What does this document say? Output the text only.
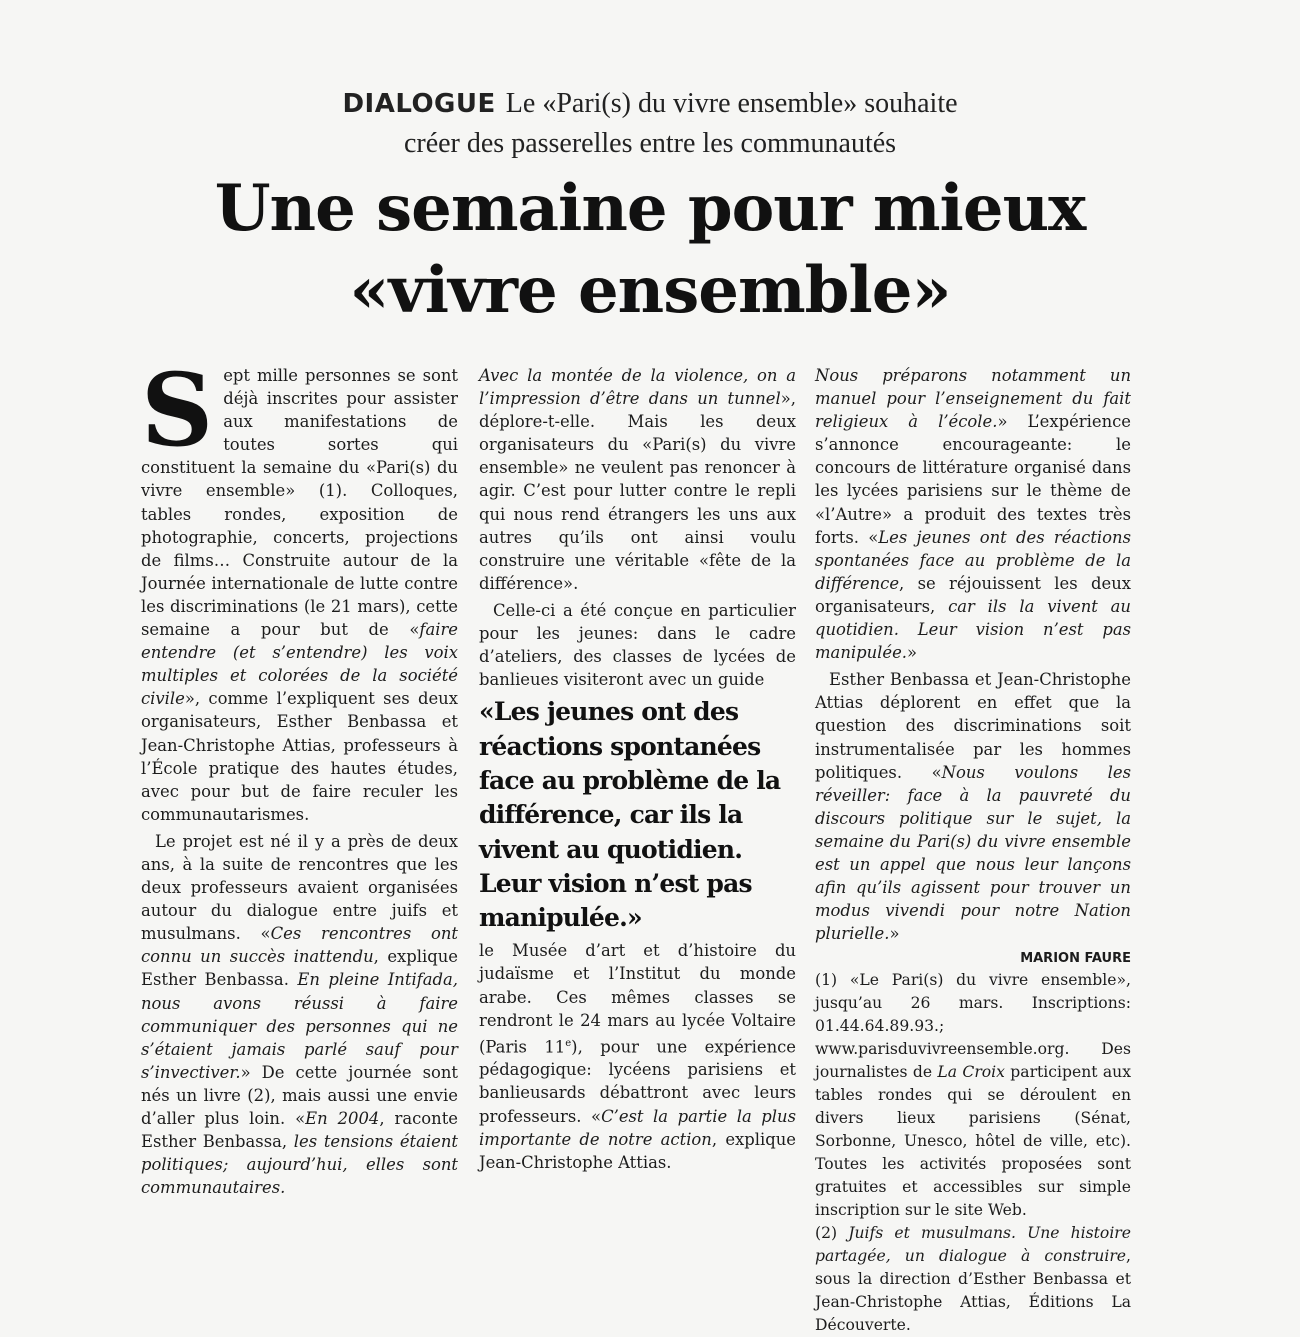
DIALOGUE Le «Pari(s) du vivre ensemble» souhaite
créer des passerelles entre les communautés
Une semaine pour mieux
«vivre ensemble»

Sept mille personnes se sont déjà inscrites pour assister aux manifestations de toutes sortes qui constituent la semaine du «Pari(s) du vivre ensemble» (1). Colloques, tables rondes, exposition de photographie, concerts, projections de films… Construite autour de la Journée internationale de lutte contre les discriminations (le 21 mars), cette semaine a pour but de «faire entendre (et s’entendre) les voix multiples et colorées de la société civile», comme l’expliquent ses deux organisateurs, Esther Benbassa et Jean-Christophe Attias, professeurs à l’École pratique des hautes études, avec pour but de faire reculer les communautarismes.

Le projet est né il y a près de deux ans, à la suite de rencontres que les deux professeurs avaient organisées autour du dialogue entre juifs et musulmans. «Ces rencontres ont connu un succès inattendu, explique Esther Benbassa. En pleine Intifada, nous avons réussi à faire communiquer des personnes qui ne s’étaient jamais parlé sauf pour s’invectiver.» De cette journée sont nés un livre (2), mais aussi une envie d’aller plus loin. «En 2004, raconte Esther Benbassa, les tensions étaient politiques; aujourd’hui, elles sont communautaires.

Avec la montée de la violence, on a l’impression d’être dans un tunnel», déplore-t-elle. Mais les deux organisateurs du «Pari(s) du vivre ensemble» ne veulent pas renoncer à agir. C’est pour lutter contre le repli qui nous rend étrangers les uns aux autres qu’ils ont ainsi voulu construire une véritable «fête de la différence».

Celle-ci a été conçue en particulier pour les jeunes: dans le cadre d’ateliers, des classes de lycées de banlieues visiteront avec un guide

«Les jeunes ont des réactions spontanées face au problème de la différence, car ils la vivent au quotidien. Leur vision n’est pas manipulée.»

le Musée d’art et d’histoire du judaïsme et l’Institut du monde arabe. Ces mêmes classes se rendront le 24 mars au lycée Voltaire (Paris 11e), pour une expérience pédagogique: lycéens parisiens et banlieusards débattront avec leurs professeurs. «C’est la partie la plus importante de notre action, explique Jean-Christophe Attias.

Nous préparons notamment un manuel pour l’enseignement du fait religieux à l’école.» L’expérience s’annonce encourageante: le concours de littérature organisé dans les lycées parisiens sur le thème de «l’Autre» a produit des textes très forts. «Les jeunes ont des réactions spontanées face au problème de la différence, se réjouissent les deux organisateurs, car ils la vivent au quotidien. Leur vision n’est pas manipulée.»

Esther Benbassa et Jean-Christophe Attias déplorent en effet que la question des discriminations soit instrumentalisée par les hommes politiques. «Nous voulons les réveiller: face à la pauvreté du discours politique sur le sujet, la semaine du Pari(s) du vivre ensemble est un appel que nous leur lançons afin qu’ils agissent pour trouver un modus vivendi pour notre Nation plurielle.»

MARION FAURE

(1) «Le Pari(s) du vivre ensemble», jusqu’au 26 mars. Inscriptions: 01.44.64.89.93.; www.parisduvivreensemble.org. Des journalistes de La Croix participent aux tables rondes qui se déroulent en divers lieux parisiens (Sénat, Sorbonne, Unesco, hôtel de ville, etc). Toutes les activités proposées sont gratuites et accessibles sur simple inscription sur le site Web.

(2) Juifs et musulmans. Une histoire partagée, un dialogue à construire, sous la direction d’Esther Benbassa et Jean-Christophe Attias, Éditions La Découverte.
